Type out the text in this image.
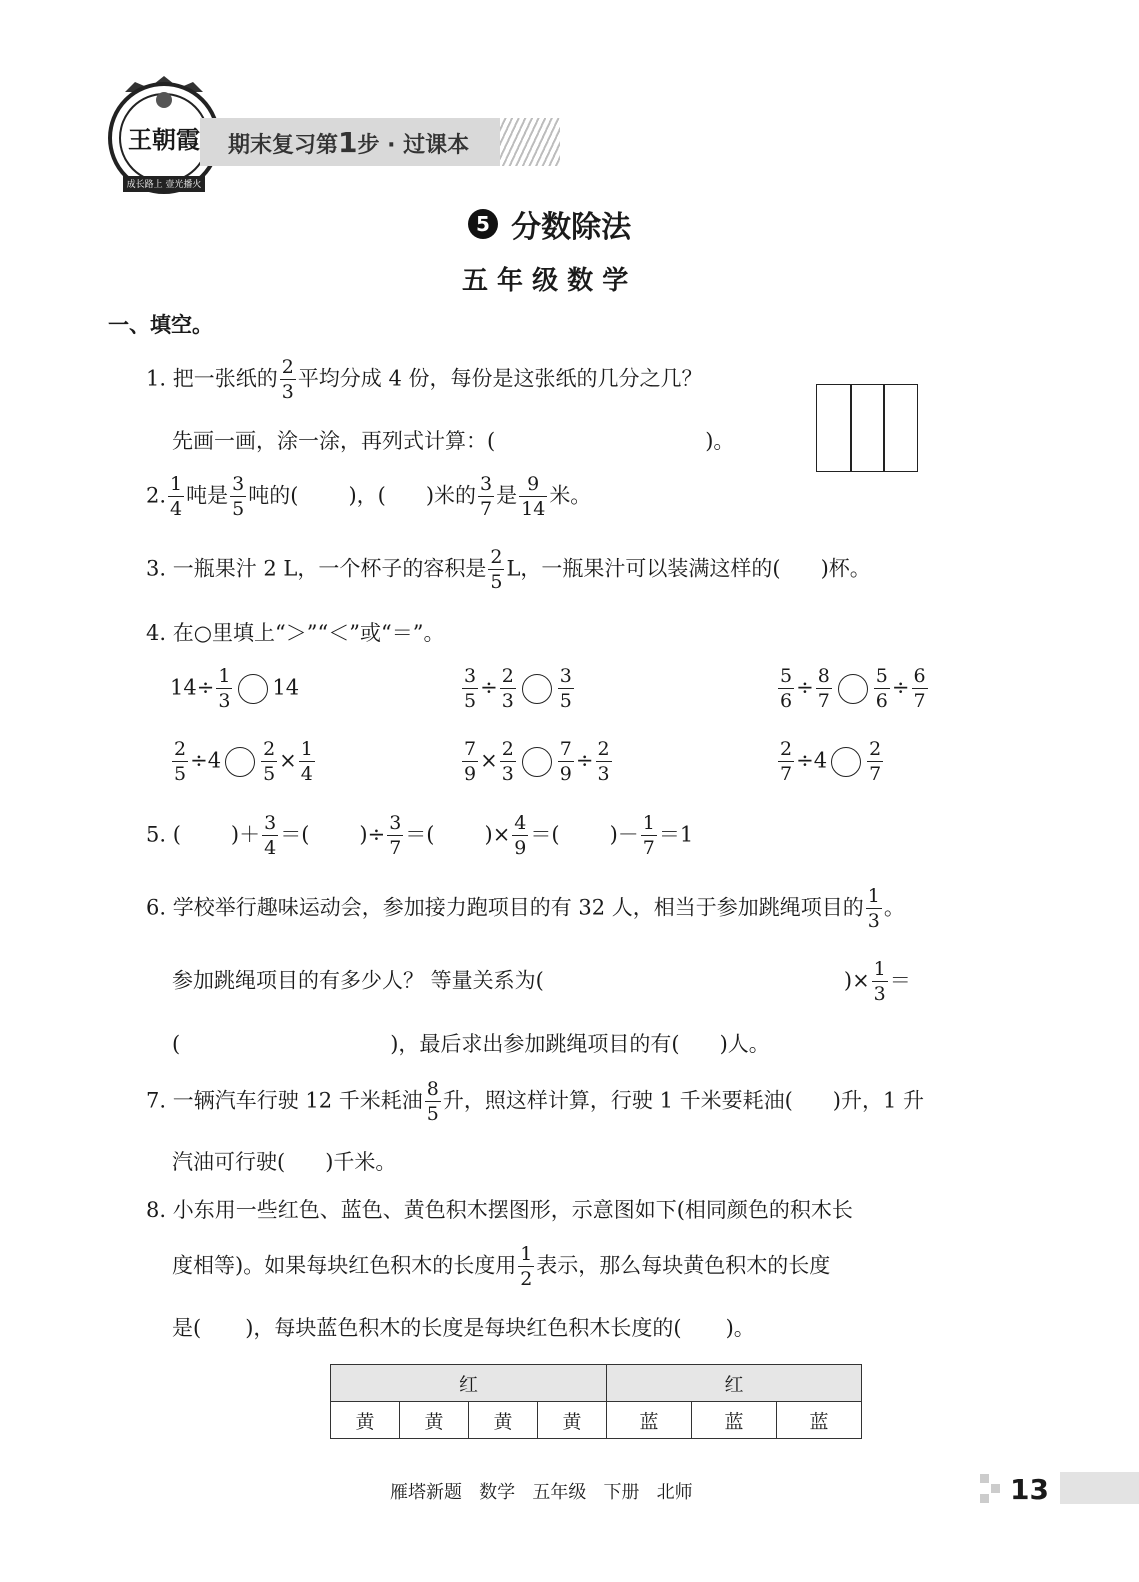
王朝霞
成长路上 壹光播火
期末复习第1步 · 过课本
5 分数除法
五 年 级 数 学
一、填空。
1. 把一张纸的 $\frac{2}{3}$ 平均分成 4 份，每份是这张纸的几分之几？
先画一画，涂一涂，再列式计算：(	)。
2. $\frac{1}{4}$ 吨是 $\frac{3}{5}$ 吨的( )，( )米的 $\frac{3}{7}$ 是 $\frac{9}{14}$ 米。
3. 一瓶果汁 2 L，一个杯子的容积是 $\frac{2}{5}$ L，一瓶果汁可以装满这样的( )杯。
4. 在○里填上“＞”“＜”或“＝”。
$14\div \frac{1}{3} 14$	$\frac{3}{5} \div \frac{2}{3} \frac{3}{5}$	$\frac{5}{6} \div \frac{8}{7} \frac{5}{6} \div \frac{6}{7}$
$\frac{2}{5} \div 4 \frac{2}{5} \times \frac{1}{4}$	$\frac{7}{9} \times \frac{2}{3} \frac{7}{9} \div \frac{2}{3}$	$\frac{2}{7} \div 4 \frac{2}{7}$
5. ( )＋ $\frac{3}{4}$ ＝( )÷ $\frac{3}{7}$ ＝( )× $\frac{4}{9}$ ＝( )－ $\frac{1}{7} =1$
6. 学校举行趣味运动会，参加接力跑项目的有 32 人，相当于参加跳绳项目的 $\frac{1}{3}$ 。
参加跳绳项目的有多少人？ 等量关系为(	)× $\frac{1}{3}$ ＝
(	)，最后求出参加跳绳项目的有( )人。
7. 一辆汽车行驶 12 千米耗油 $\frac{8}{5}$ 升，照这样计算，行驶 1 千米要耗油( )升，1 升
汽油可行驶( )千米。
8. 小东用一些红色、蓝色、黄色积木摆图形，示意图如下(相同颜色的积木长
度相等)。如果每块红色积木的长度用 $\frac{1}{2}$ 表示，那么每块黄色积木的长度
是( )，每块蓝色积木的长度是每块红色积木长度的( )。
红				红		
黄	黄	黄	黄	蓝	蓝	蓝
雁塔新题   数学   五年级   下册   北师	13
